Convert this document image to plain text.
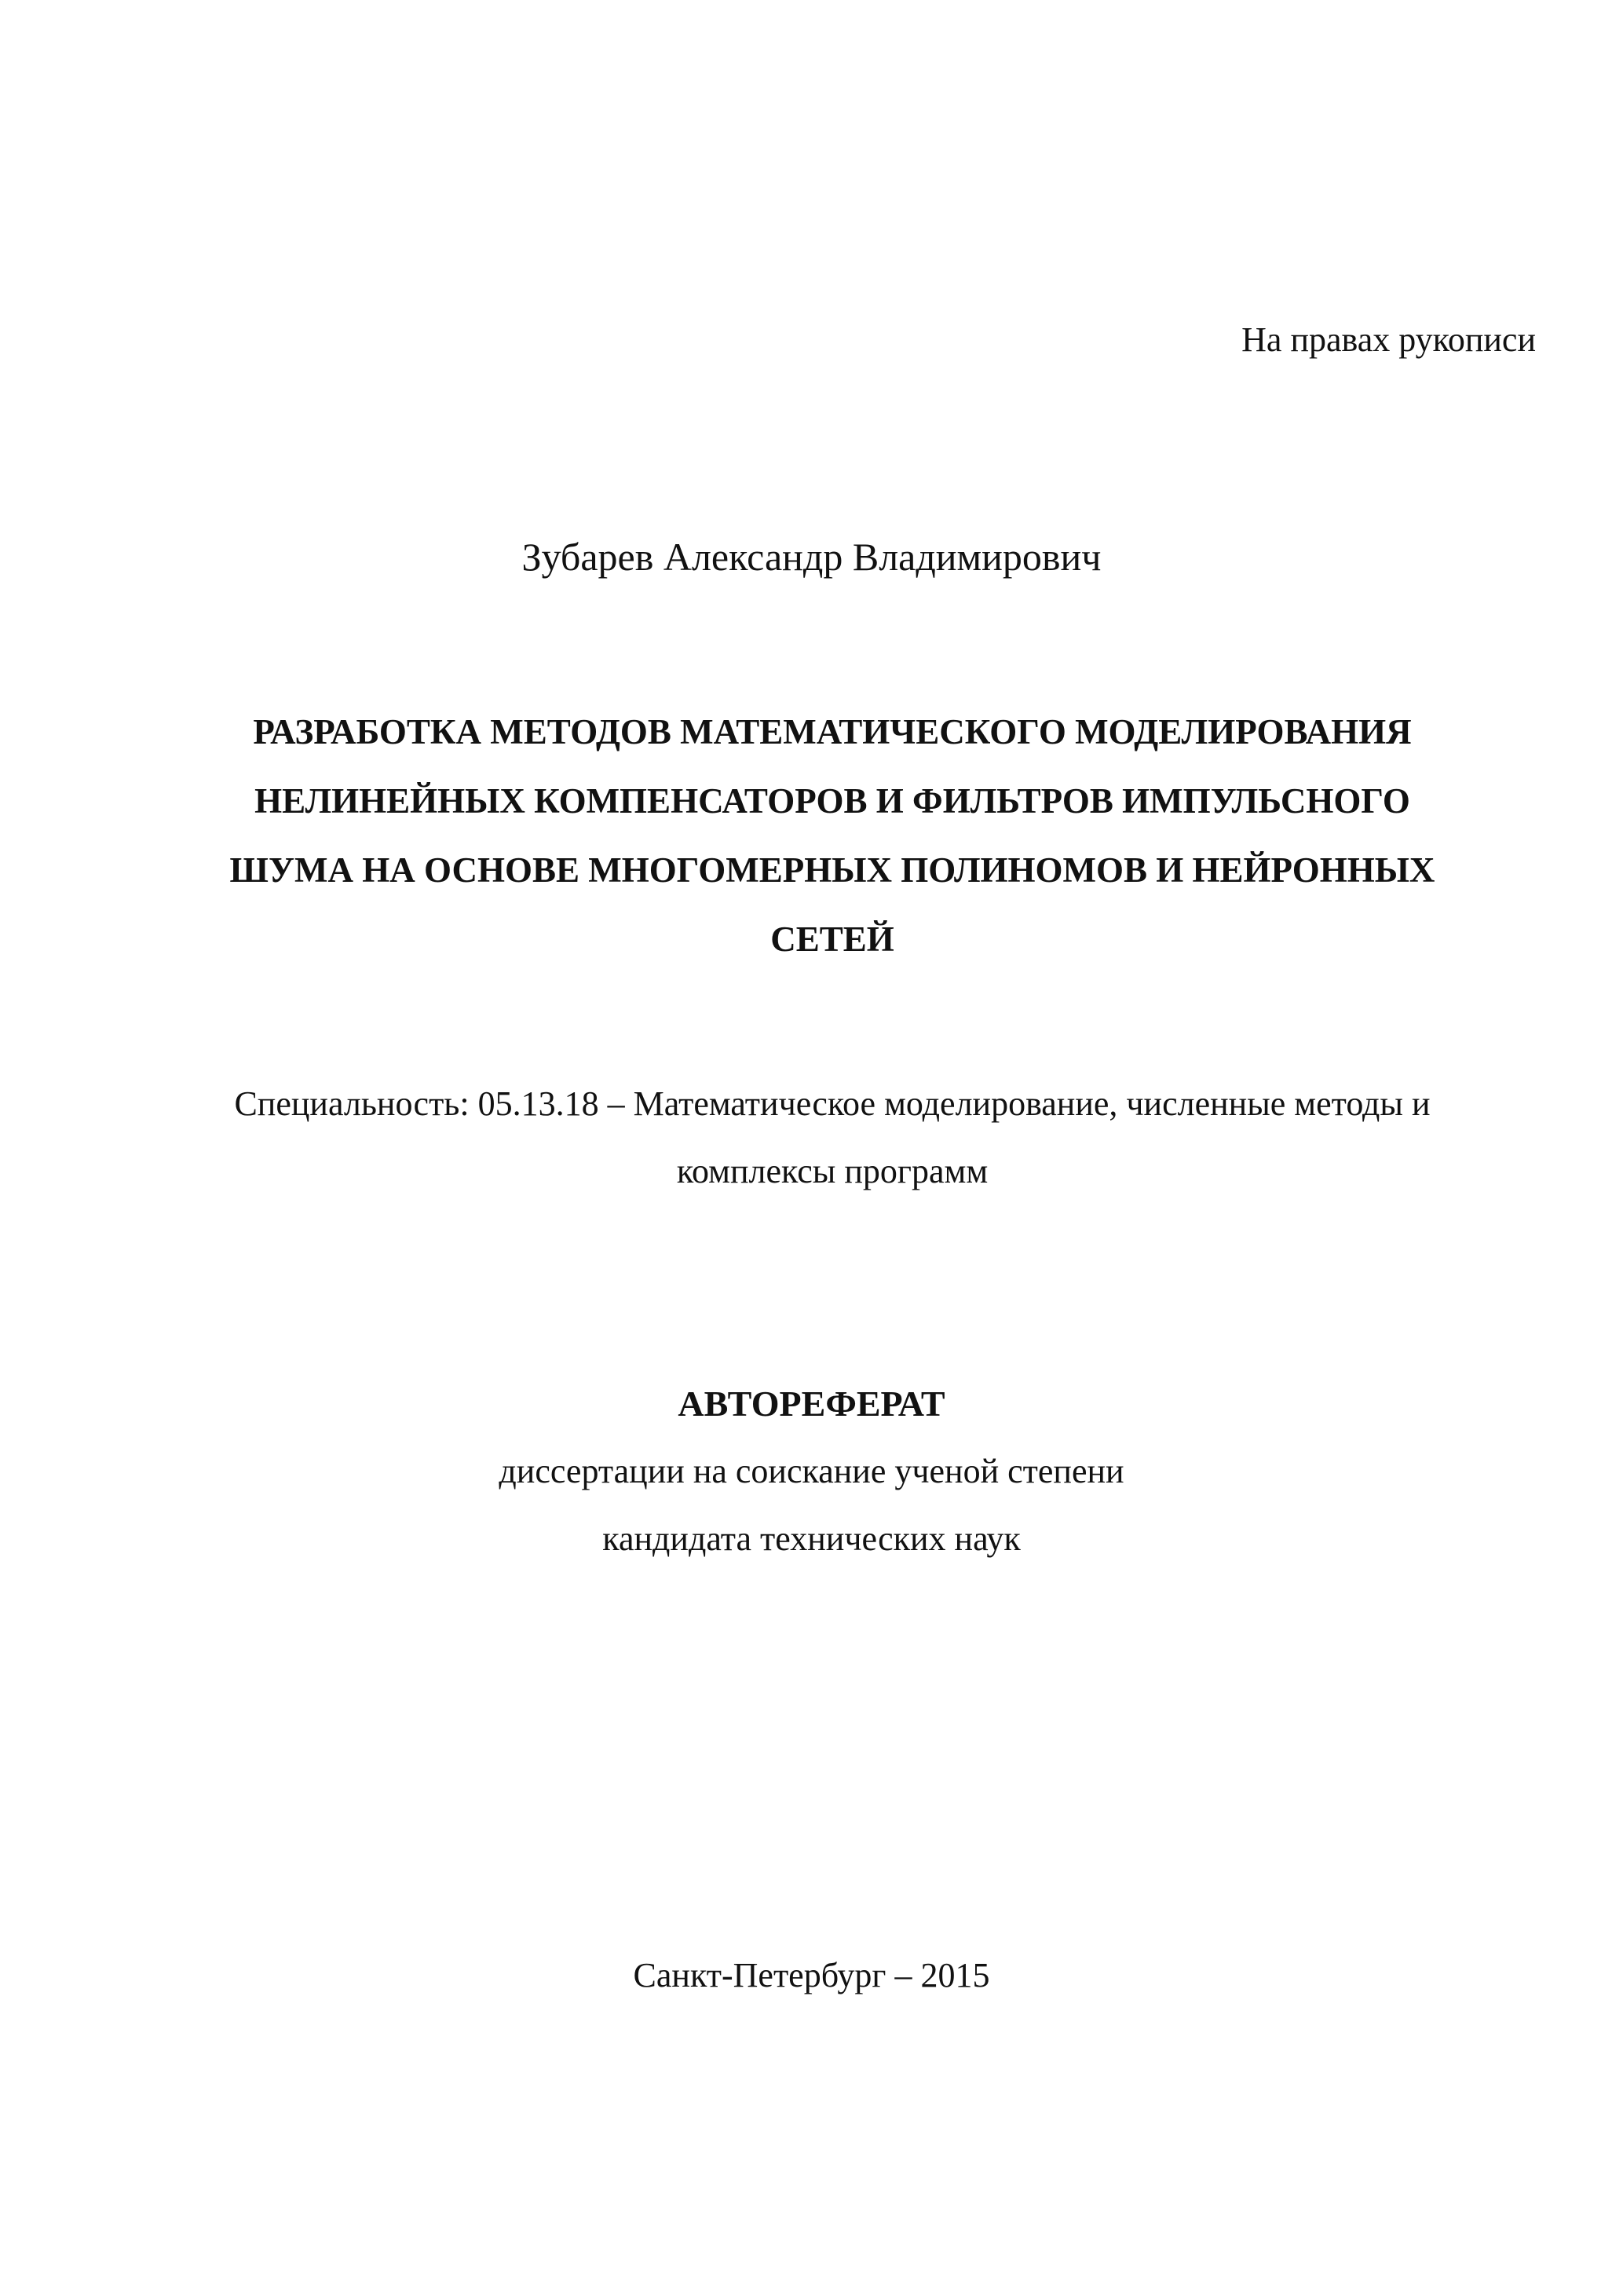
На правах рукописи
Зубарев Александр Владимирович
РАЗРАБОТКА МЕТОДОВ МАТЕМАТИЧЕСКОГО МОДЕЛИРОВАНИЯ
НЕЛИНЕЙНЫХ КОМПЕНСАТОРОВ И ФИЛЬТРОВ ИМПУЛЬСНОГО
ШУМА НА ОСНОВЕ МНОГОМЕРНЫХ ПОЛИНОМОВ И НЕЙРОННЫХ
СЕТЕЙ
Специальность: 05.13.18 – Математическое моделирование, численные методы и
комплексы программ
АВТОРЕФЕРАТ
диссертации на соискание ученой степени
кандидата технических наук
Санкт-Петербург – 2015
